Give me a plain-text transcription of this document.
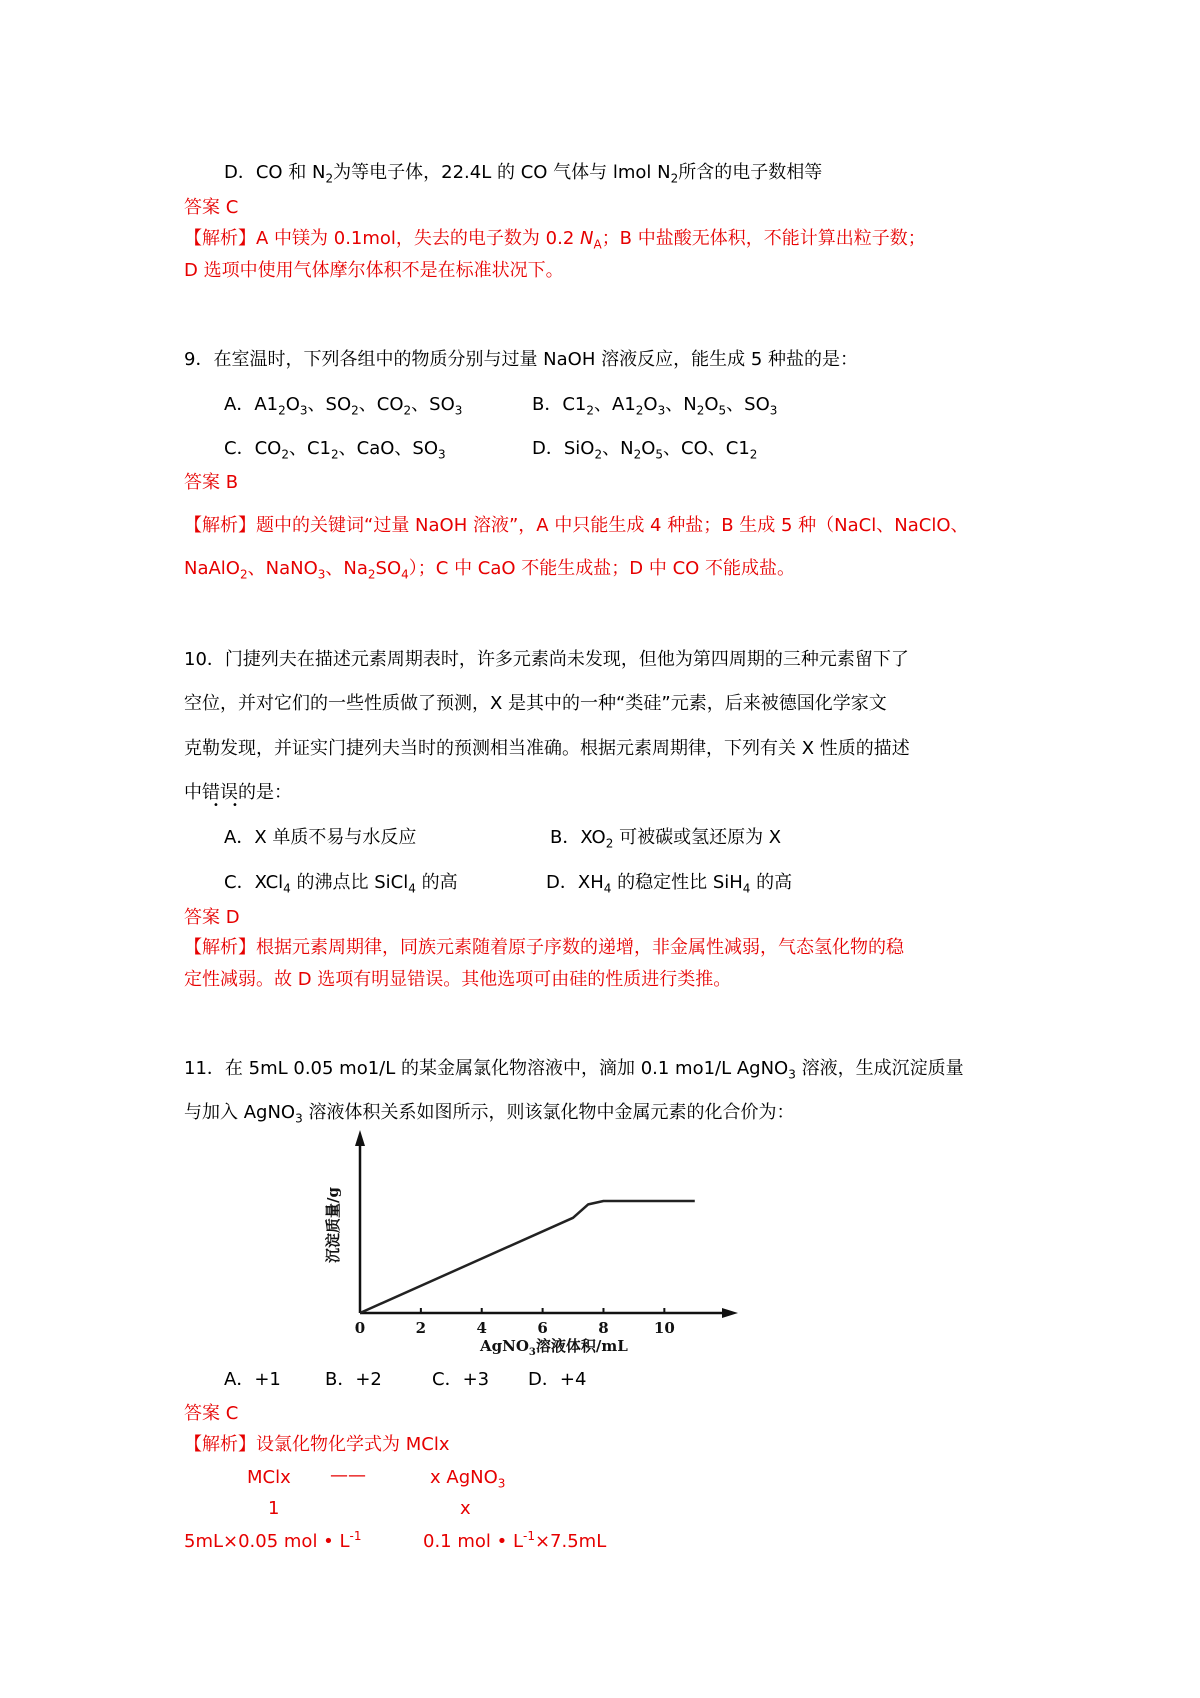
D．CO 和 $N_2$为等电子体，22.4L 的 CO 气体与 lmol $N_2$所含的电子数相等
答案 C
【解析】A 中镁为 0.1mol，失去的电子数为 0.2 $N_A$；B 中盐酸无体积，不能计算出粒子数；
D 选项中使用气体摩尔体积不是在标准状况下。
9．在室温时，下列各组中的物质分别与过量 NaOH 溶液反应，能生成 5 种盐的是：
A．$A1_2O_3$、$SO_2$、$CO_2$、$SO_3$	B．$C1_2$、$A1_2O_3$、$N_2O_5$、$SO_3$
C．$CO_2$、$C1_2$、CaO、$SO_3$	D．SiO$_2$、$N_2O_5$、CO、$C1_2$
答案 B
【解析】题中的关键词“过量 NaOH 溶液”，A 中只能生成 4 种盐；B 生成 5 种（NaCl、NaClO、
NaAlO$_2$、NaNO$_3$、$Na_2SO_4$）；C 中 CaO 不能生成盐；D 中 CO 不能成盐。
10．门捷列夫在描述元素周期表时，许多元素尚未发现，但他为第四周期的三种元素留下了
空位，并对它们的一些性质做了预测，X 是其中的一种“类硅”元素，后来被德国化学家文
克勒发现，并证实门捷列夫当时的预测相当准确。根据元素周期律，下列有关 X 性质的描述
中错误的是：
• •
A．X 单质不易与水反应	B．$XO_2$ 可被碳或氢还原为 X
C．XCl$_4$ 的沸点比 SiCl$_4$ 的高	D．$XH_4$ 的稳定性比 SiH$_4$ 的高
答案 D
【解析】根据元素周期律，同族元素随着原子序数的递增，非金属性减弱，气态氢化物的稳
定性减弱。故 D 选项有明显错误。其他选项可由硅的性质进行类推。
11．在 5mL 0.05 mo1/L 的某金属氯化物溶液中，滴加 0.1 mo1/L AgNO$_3$ 溶液，生成沉淀质量
与加入 AgNO$_3$ 溶液体积关系如图所示，则该氯化物中金属元素的化合价为：
0	2	4	6	8	10
AgNO$_3$溶液体积/mL
沉淀质量/g
A．+1 B．+2	C．+3 D．+4
答案 C
【解析】设氯化物化学式为 MClx
MClx ——	x AgNO$_3$
1	x
5mL×0.05 mol • $L^{-1}$	0.1 mol • $L^{-1}\times 7.5mL$
